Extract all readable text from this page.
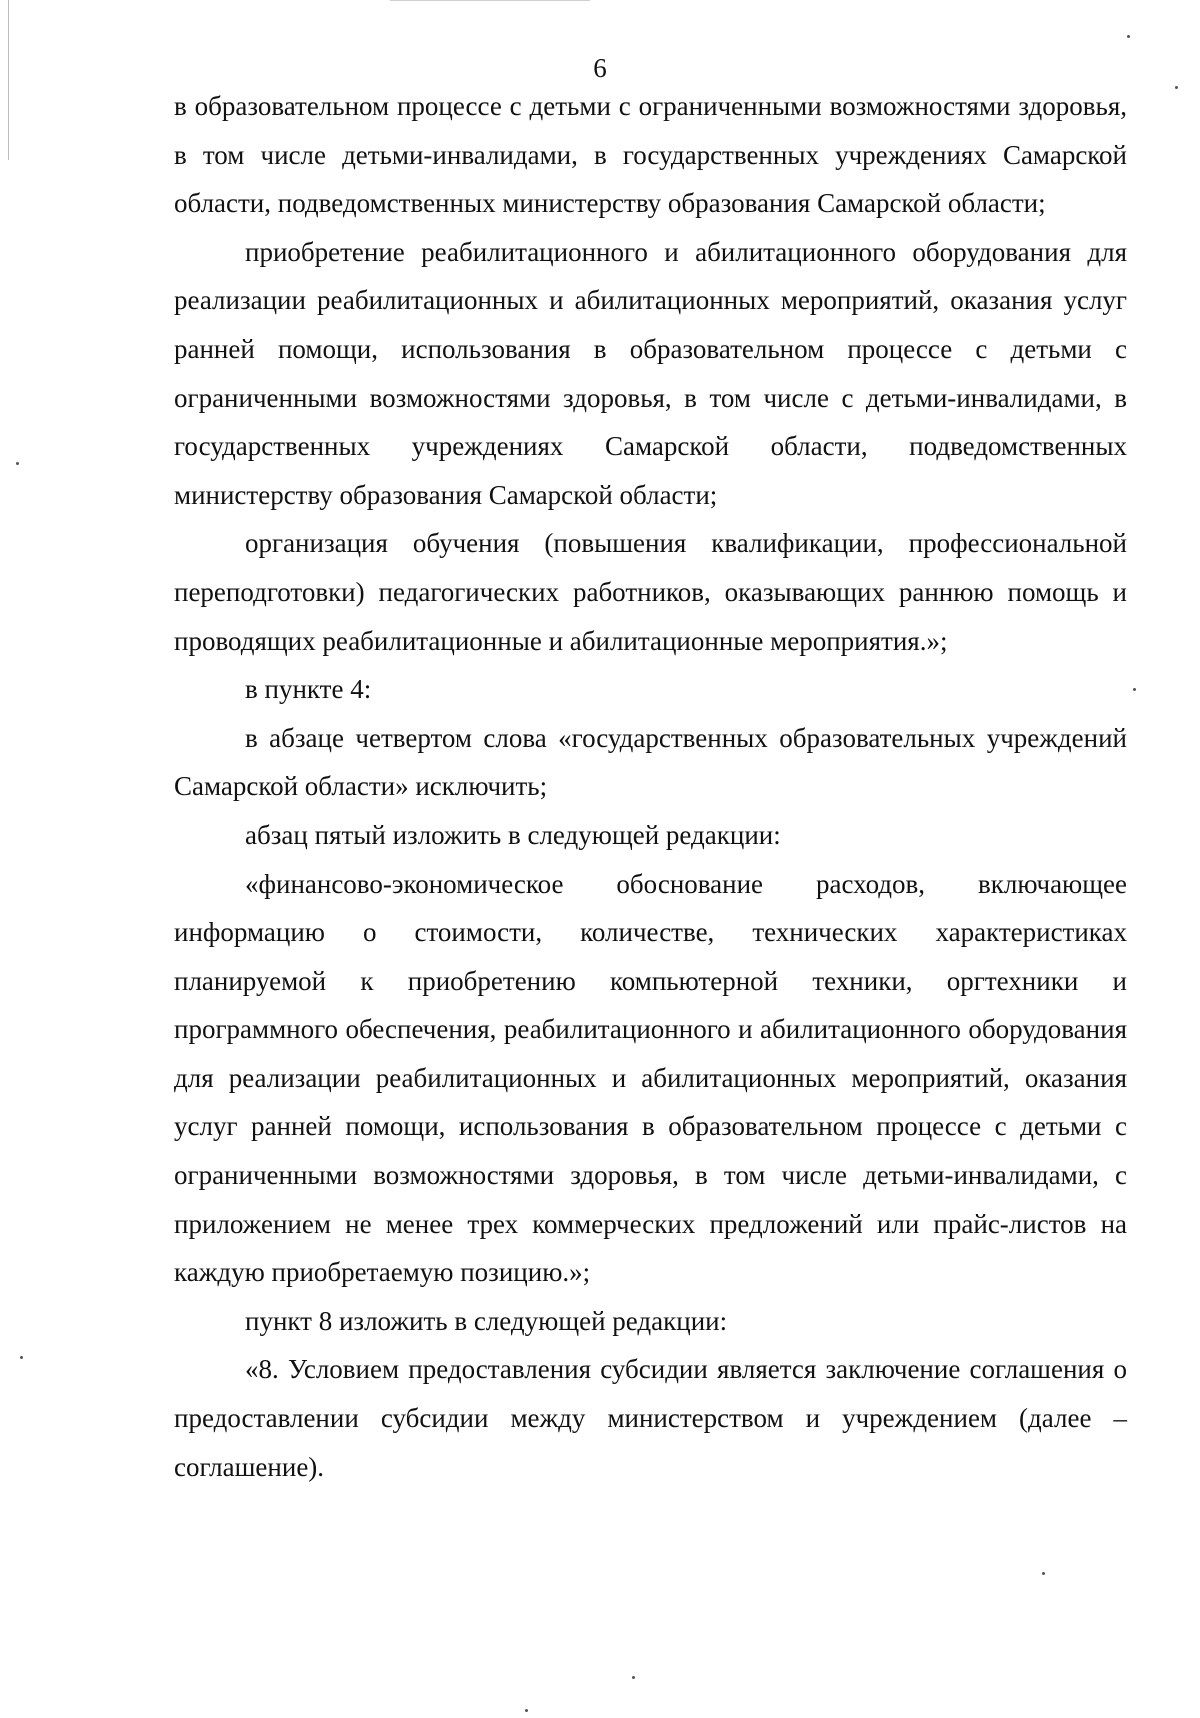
6

в образовательном процессе с детьми с ограниченными возможностями здоровья, в том числе детьми-инвалидами, в государственных учреждениях Самарской области, подведомственных министерству образования Самарской области;

приобретение реабилитационного и абилитационного оборудования для реализации реабилитационных и абилитационных мероприятий, оказания услуг ранней помощи, использования в образовательном процессе с детьми с ограниченными возможностями здоровья, в том числе с детьми-инвалидами, в государственных учреждениях Самарской области, подведомственных министерству образования Самарской области;

организация обучения (повышения квалификации, профессиональной переподготовки) педагогических работников, оказывающих раннюю помощь и проводящих реабилитационные и абилитационные мероприятия.»;

в пункте 4:

в абзаце четвертом слова «государственных образовательных учреждений Самарской области» исключить;

абзац пятый изложить в следующей редакции:

«финансово-экономическое обоснование расходов, включающее информацию о стоимости, количестве, технических характеристиках планируемой к приобретению компьютерной техники, оргтехники и программного обеспечения, реабилитационного и абилитационного оборудования для реализации реабилитационных и абилитационных мероприятий, оказания услуг ранней помощи, использования в образовательном процессе с детьми с ограниченными возможностями здоровья, в том числе детьми-инвалидами, с приложением не менее трех коммерческих предложений или прайс-листов на каждую приобретаемую позицию.»;

пункт 8 изложить в следующей редакции:

«8. Условием предоставления субсидии является заключение соглашения о предоставлении субсидии между министерством и учреждением (далее – соглашение).
